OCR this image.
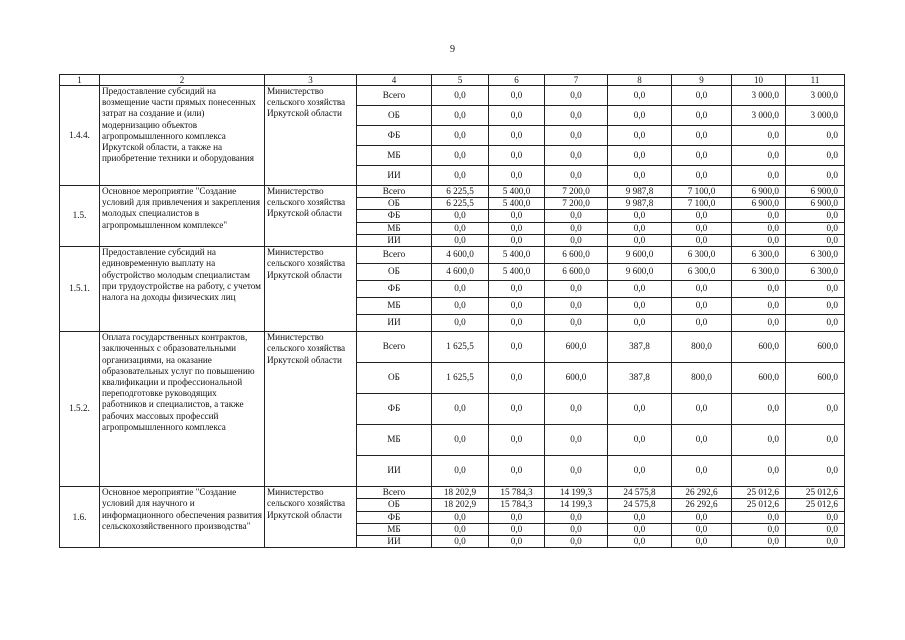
9
1	2	3	4	5	6	7	8	9	10	11
1.4.4.	Предоставление субсидий на возмещение части прямых понесенных затрат на создание и (или) модернизацию объектов агропромышленного комплекса Иркутской области, а также на приобретение техники и оборудования	Министерство сельского хозяйства Иркутской области	Всего	0,0	0,0	0,0	0,0	0,0	3 000,0	3 000,0
			ОБ	0,0	0,0	0,0	0,0	0,0	3 000,0	3 000,0
			ФБ	0,0	0,0	0,0	0,0	0,0	0,0	0,0
			МБ	0,0	0,0	0,0	0,0	0,0	0,0	0,0
			ИИ	0,0	0,0	0,0	0,0	0,0	0,0	0,0
1.5.	Основное мероприятие "Создание условий для привлечения и закрепления молодых специалистов в агропромышленном комплексе"	Министерство сельского хозяйства Иркутской области	Всего	6 225,5	5 400,0	7 200,0	9 987,8	7 100,0	6 900,0	6 900,0
			ОБ	6 225,5	5 400,0	7 200,0	9 987,8	7 100,0	6 900,0	6 900,0
			ФБ	0,0	0,0	0,0	0,0	0,0	0,0	0,0
			МБ	0,0	0,0	0,0	0,0	0,0	0,0	0,0
			ИИ	0,0	0,0	0,0	0,0	0,0	0,0	0,0
1.5.1.	Предоставление субсидий на единовременную выплату на обустройство молодым специалистам при трудоустройстве на работу, с учетом налога на доходы физических лиц	Министерство сельского хозяйства Иркутской области	Всего	4 600,0	5 400,0	6 600,0	9 600,0	6 300,0	6 300,0	6 300,0
			ОБ	4 600,0	5 400,0	6 600,0	9 600,0	6 300,0	6 300,0	6 300,0
			ФБ	0,0	0,0	0,0	0,0	0,0	0,0	0,0
			МБ	0,0	0,0	0,0	0,0	0,0	0,0	0,0
			ИИ	0,0	0,0	0,0	0,0	0,0	0,0	0,0
1.5.2.	Оплата государственных контрактов, заключенных с образовательными организациями, на оказание образовательных услуг по повышению квалификации и профессиональной переподготовке руководящих работников и специалистов, а также рабочих массовых профессий агропромышленного комплекса	Министерство сельского хозяйства Иркутской области	Всего	1 625,5	0,0	600,0	387,8	800,0	600,0	600,0
			ОБ	1 625,5	0,0	600,0	387,8	800,0	600,0	600,0
			ФБ	0,0	0,0	0,0	0,0	0,0	0,0	0,0
			МБ	0,0	0,0	0,0	0,0	0,0	0,0	0,0
			ИИ	0,0	0,0	0,0	0,0	0,0	0,0	0,0
1.6.	Основное мероприятие "Создание условий для научного и информационного обеспечения развития сельскохозяйственного производства"	Министерство сельского хозяйства Иркутской области	Всего	18 202,9	15 784,3	14 199,3	24 575,8	26 292,6	25 012,6	25 012,6
			ОБ	18 202,9	15 784,3	14 199,3	24 575,8	26 292,6	25 012,6	25 012,6
			ФБ	0,0	0,0	0,0	0,0	0,0	0,0	0,0
			МБ	0,0	0,0	0,0	0,0	0,0	0,0	0,0
			ИИ	0,0	0,0	0,0	0,0	0,0	0,0	0,0
